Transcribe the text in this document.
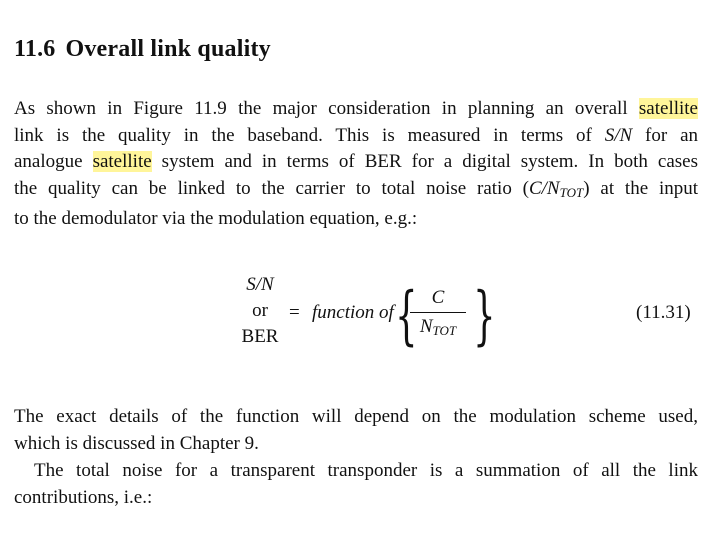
11.6 Overall link quality
As shown in Figure 11.9 the major consideration in planning an overall satellite
link is the quality in the baseband. This is measured in terms of S/N for an
analogue satellite system and in terms of BER for a digital system. In both cases
the quality can be linked to the carrier to total noise ratio $(C/N_{TOT})$ at the input
to the demodulator via the modulation equation, e.g.:
S/N
or
BER
= function of { C
$N_{TOT}$ }	(11.31)
The exact details of the function will depend on the modulation scheme used,
which is discussed in Chapter 9.
The total noise for a transparent transponder is a summation of all the link
contributions, i.e.:
